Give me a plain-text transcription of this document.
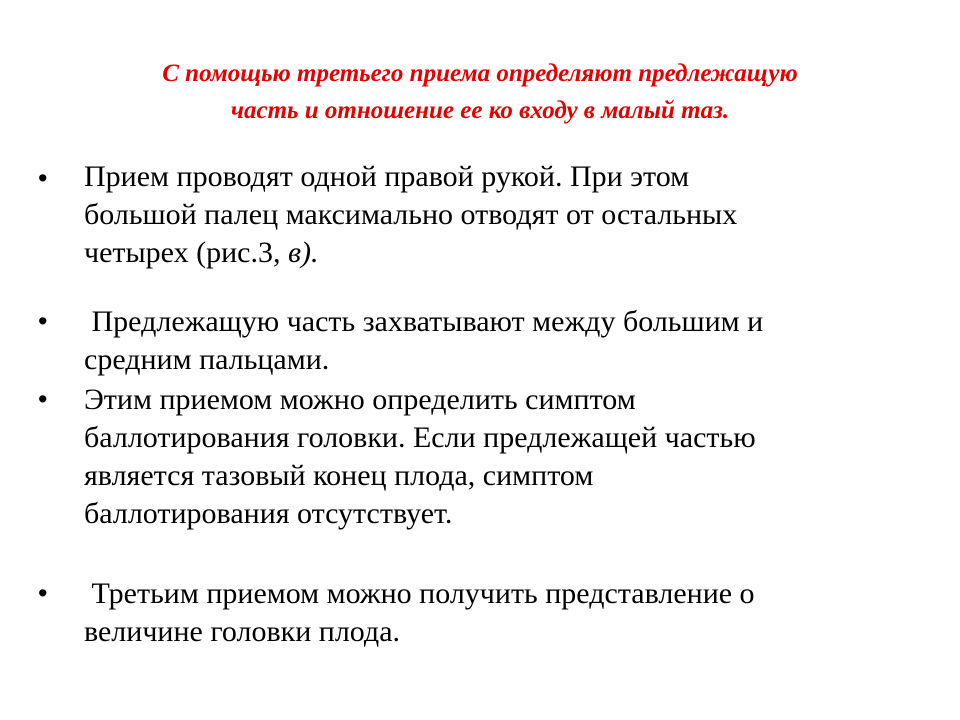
С помощью третьего приема определяют предлежащую
часть и отношение ее ко входу в малый таз.
• Прием проводят одной правой рукой. При этом
большой палец максимально отводят от остальных
четырех (рис.3, в).

• Предлежащую часть захватывают между большим и
средним пальцами.

• Этим приемом можно определить симптом
баллотирования головки. Если предлежащей частью
является тазовый конец плода, симптом
баллотирования отсутствует.

• Третьим приемом можно получить представление о
величине головки плода.
